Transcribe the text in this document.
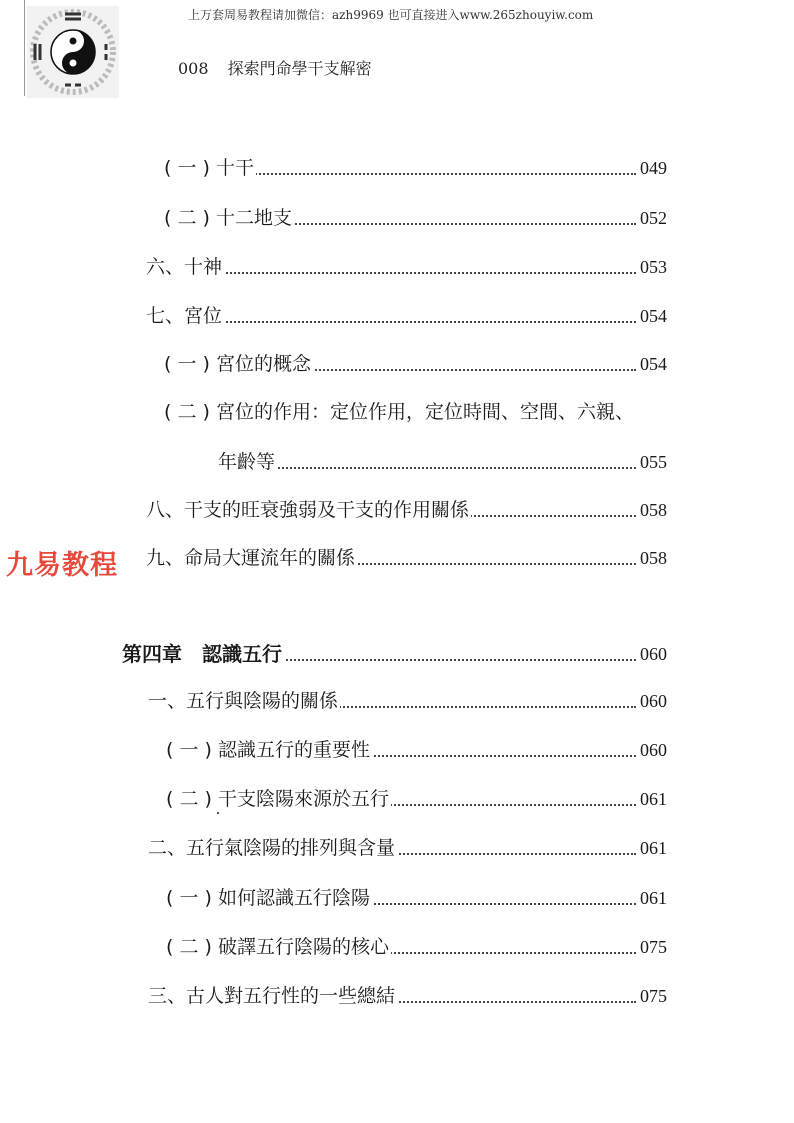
上万套周易教程请加微信：azh9969 也可直接进入www.265zhouyiw.com
008 探索門命學干支解密
( 一 ) 十干	049
( 二 ) 十二地支	052
六、十神	053
七、宮位	054
( 一 ) 宮位的概念	054
( 二 ) 宮位的作用：定位作用，定位時間、空間、六親、
年齡等	055
八、干支的旺衰強弱及干支的作用關係	058
九、命局大運流年的關係	058
第四章　認識五行	060
一、五行與陰陽的關係	060
( 一 ) 認識五行的重要性	060
( 二 ) 干支陰陽來源於五行	061
二、五行氣陰陽的排列與含量	061
( 一 ) 如何認識五行陰陽	061
( 二 ) 破譯五行陰陽的核心	075
三、古人對五行性的一些總結	075
九易教程
